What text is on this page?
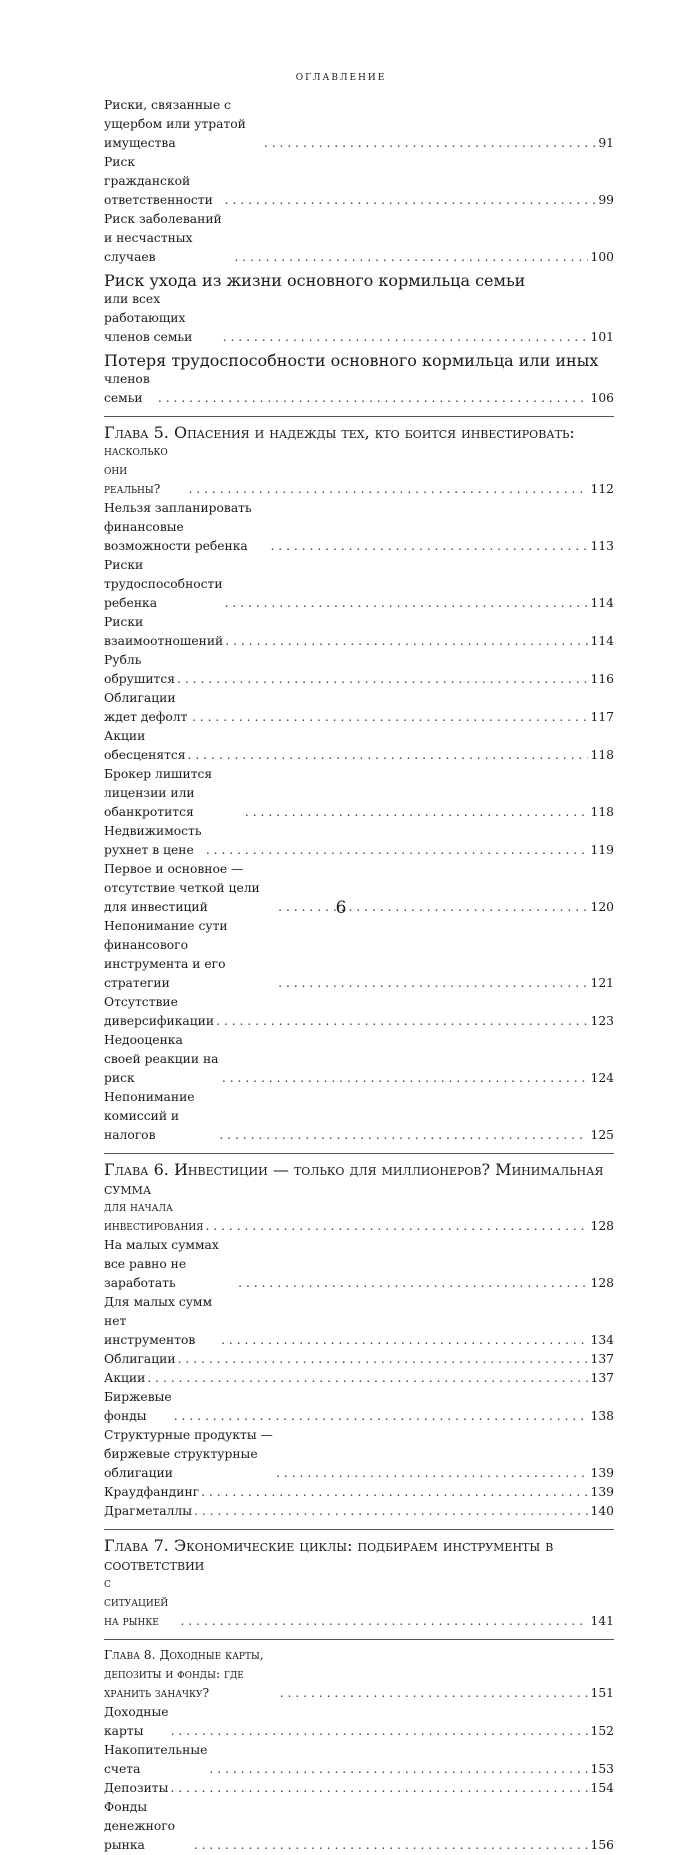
оглавление
Риски, связанные с ущербом или утратой имущества . . .	91
Риск гражданской ответственности . . .	99
Риск заболеваний и несчастных случаев . . .	100
Риск ухода из жизни основного кормильца семьи
или всех работающих членов семьи . . .	101
Потеря трудоспособности основного кормильца или иных
членов семьи . . .	106
Глава 5. Опасения и надежды тех, кто боится инвестировать:
насколько они реальны? . . .	112
Нельзя запланировать финансовые возможности ребенка . . .	113
Риски трудоспособности ребенка . . .	114
Риски взаимоотношений . . .	114
Рубль обрушится . . .	116
Облигации ждет дефолт . . .	117
Акции обесценятся . . .	118
Брокер лишится лицензии или обанкротится . . .	118
Недвижимость рухнет в цене . . .	119
Первое и основное — отсутствие четкой цели для инвестиций . . .	120
Непонимание сути финансового инструмента и его стратегии . . .	121
Отсутствие диверсификации . . .	123
Недооценка своей реакции на риск . . .	124
Непонимание комиссий и налогов . . .	125
Глава 6. Инвестиции — только для миллионеров? Минимальная сумма
для начала инвестирования . . .	128
На малых суммах все равно не заработать . . .	128
Для малых сумм нет инструментов . . .	134
Облигации . . .	137
Акции . . .	137
Биржевые фонды . . .	138
Структурные продукты — биржевые структурные облигации . . .	139
Краудфандинг . . .	139
Драгметаллы . . .	140
Глава 7. Экономические циклы: подбираем инструменты в соответствии
с ситуацией на рынке . . .	141
Глава 8. Доходные карты, депозиты и фонды: где хранить заначку? . . .	151
Доходные карты . . .	152
Накопительные счета . . .	153
Депозиты . . .	154
Фонды денежного рынка . . .	156
6
